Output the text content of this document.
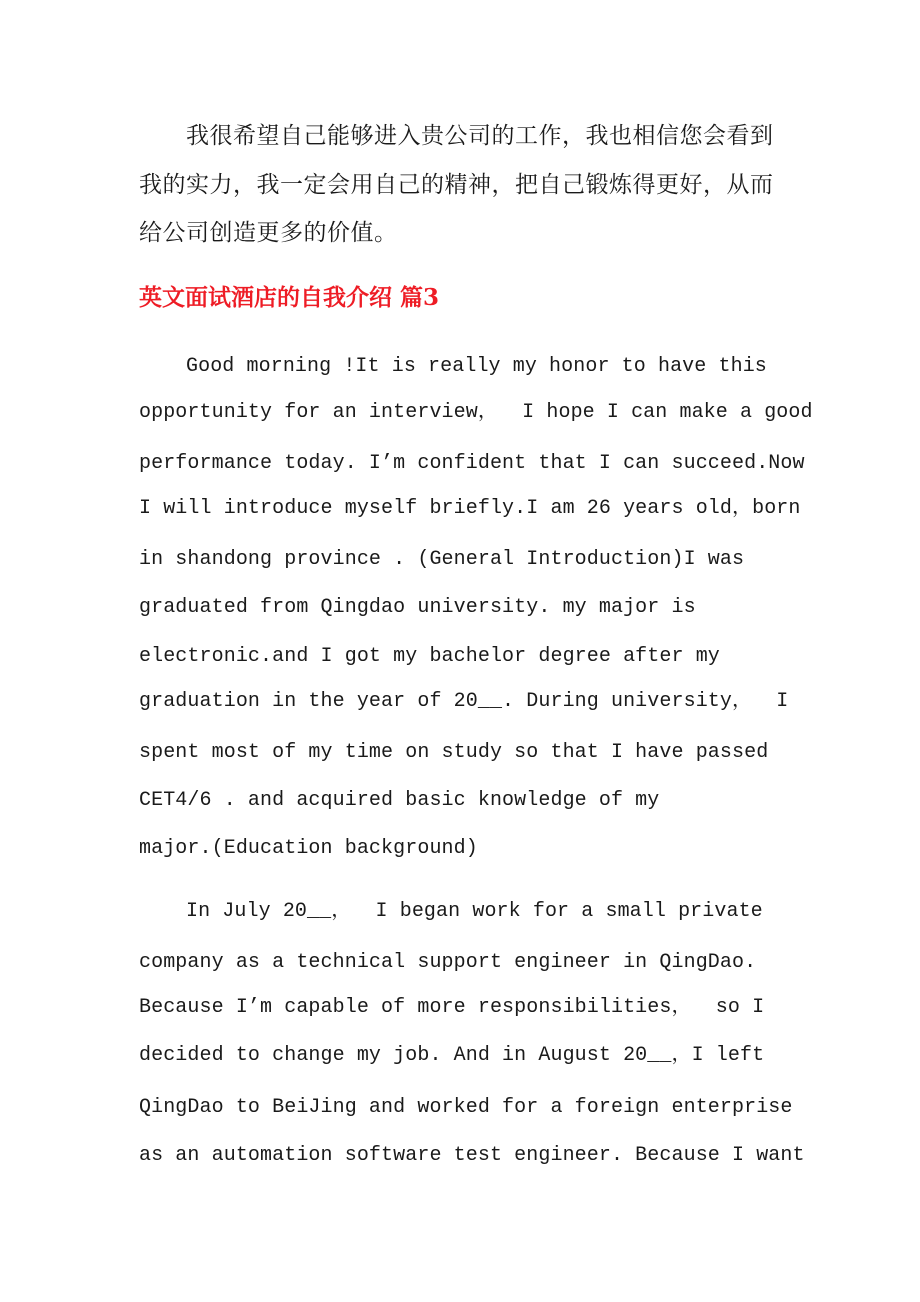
我很希望自己能够进入贵公司的工作，我也相信您会看到
我的实力，我一定会用自己的精神，把自己锻炼得更好，从而
给公司创造更多的价值。
英文面试酒店的自我介绍 篇3
Good morning !It is really my honor to have this
opportunity for an interview，  I hope I can make a good
performance today. I’m confident that I can succeed.Now
I will introduce myself briefly.I am 26 years old，born
in shandong province . (General Introduction)I was
graduated from Qingdao university. my major is
electronic.and I got my bachelor degree after my
graduation in the year of 20__. During university，  I
spent most of my time on study so that I have passed
CET4/6 . and acquired basic knowledge of my
major.(Education background)
In July 20__，  I began work for a small private
company as a technical support engineer in QingDao.
Because I’m capable of more responsibilities，  so I
decided to change my job. And in August 20__，I left
QingDao to BeiJing and worked for a foreign enterprise
as an automation software test engineer. Because I want
